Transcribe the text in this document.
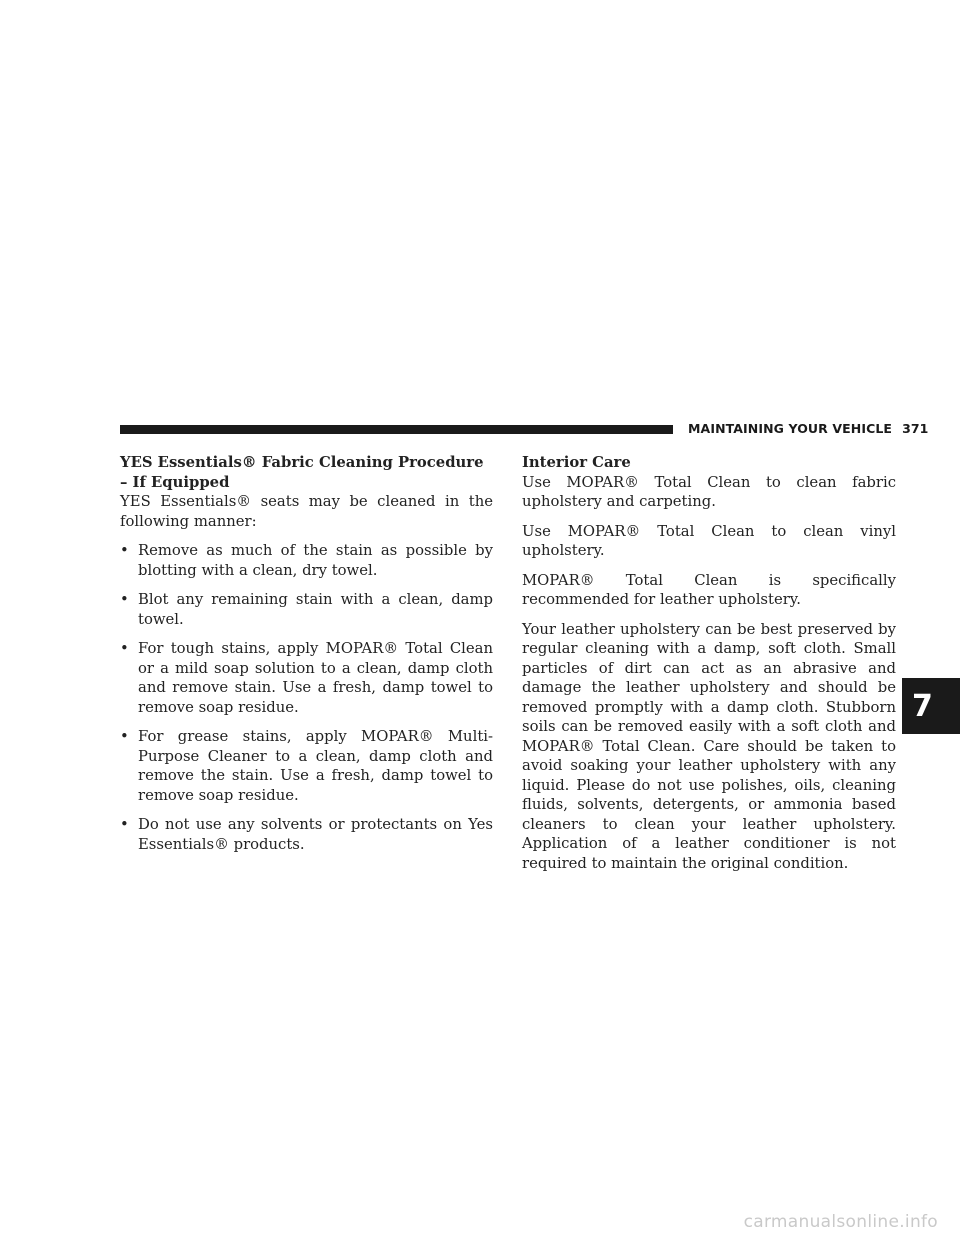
MAINTAINING YOUR VEHICLE 371
YES Essentials® Fabric Cleaning Procedure – If Equipped

YES Essentials® seats may be cleaned in the following manner:

• Remove as much of the stain as possible by blotting with a clean, dry towel.
• Blot any remaining stain with a clean, damp towel.
• For tough stains, apply MOPAR® Total Clean or a mild soap solution to a clean, damp cloth and remove stain. Use a fresh, damp towel to remove soap residue.
• For grease stains, apply MOPAR® Multi-Purpose Cleaner to a clean, damp cloth and remove the stain. Use a fresh, damp towel to remove soap residue.
• Do not use any solvents or protectants on Yes Essentials® products.
Interior Care

Use MOPAR® Total Clean to clean fabric upholstery and carpeting.

Use MOPAR® Total Clean to clean vinyl upholstery.

MOPAR® Total Clean is specifically recommended for leather upholstery.

Your leather upholstery can be best preserved by regular cleaning with a damp, soft cloth. Small particles of dirt can act as an abrasive and damage the leather upholstery and should be removed promptly with a damp cloth. Stubborn soils can be removed easily with a soft cloth and MOPAR® Total Clean. Care should be taken to avoid soaking your leather upholstery with any liquid. Please do not use polishes, oils, cleaning fluids, solvents, detergents, or ammonia based cleaners to clean your leather upholstery. Application of a leather conditioner is not required to maintain the original condition.

7
carmanualsonline.info
